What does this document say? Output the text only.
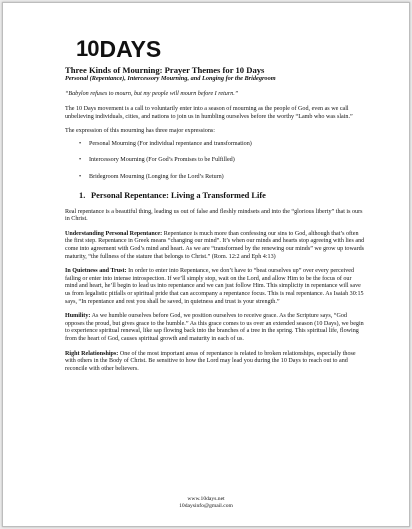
10 DAYS
Three Kinds of Mourning: Prayer Themes for 10 Days
Personal (Repentance), Intercessory Mourning, and Longing for the Bridegroom

“Babylon refuses to mourn, but my people will mourn before I return.”

The 10 Days movement is a call to voluntarily enter into a season of mourning as the people of God, even as we call unbelieving individuals, cities, and nations to join us in humbling ourselves before the worthy “Lamb who was slain.”

The expression of this mourning has three major expressions:

•	Personal Mourning (For individual repentance and transformation)
•	Intercessory Mourning (For God’s Promises to be Fulfilled)
•	Bridegroom Mourning (Longing for the Lord’s Return)
1. Personal Repentance: Living a Transformed Life

Real repentance is a beautiful thing, leading us out of false and fleshly mindsets and into the “glorious liberty” that is ours in Christ.

Understanding Personal Repentance: Repentance is much more than confessing our sins to God, although that’s often the first step. Repentance in Greek means “changing our mind”. It’s when our minds and hearts stop agreeing with lies and come into agreement with God’s mind and heart. As we are “transformed by the renewing our minds” we grow up towards maturity, “the fullness of the stature that belongs to Christ.” (Rom. 12:2 and Eph 4:13)

In Quietness and Trust: In order to enter into Repentance, we don’t have to “beat ourselves up” over every perceived failing or enter into intense introspection. If we’ll simply stop, wait on the Lord, and allow Him to be the focus of our mind and heart, he’ll begin to lead us into repentance and we can just follow Him. This simplicity in repentance will save us from legalistic pitfalls or spiritual pride that can accompany a repentance focus. This is real repentance. As Isaiah 30:15 says, “In repentance and rest you shall be saved, in quietness and trust is your strength.”

Humility: As we humble ourselves before God, we position ourselves to receive grace. As the Scripture says, “God opposes the proud, but gives grace to the humble.” As this grace comes to us over an extended season (10 Days), we begin to experience spiritual renewal, like sap flowing back into the branches of a tree in the spring. This spiritual life, flowing from the heart of God, causes spiritual growth and maturity in each of us.

Right Relationships: One of the most important areas of repentance is related to broken relationships, especially those with others in the Body of Christ. Be sensitive to how the Lord may lead you during the 10 Days to reach out to and reconcile with other believers.

www.10days.net
10daysinfo@gmail.com
